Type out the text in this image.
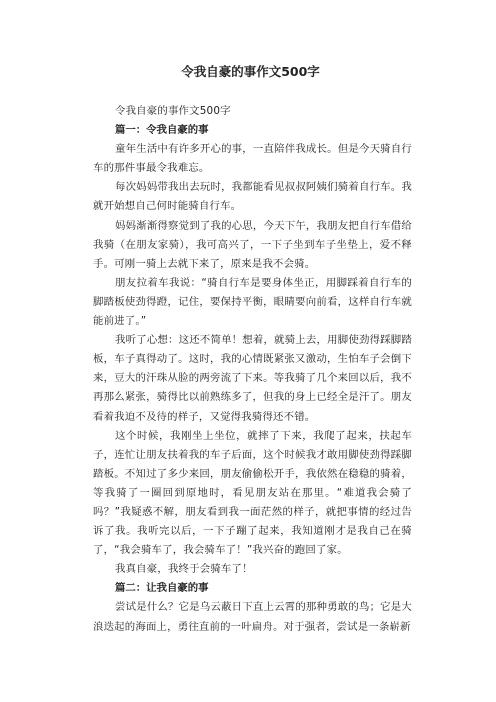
令我自豪的事作文500字

令我自豪的事作文500字

篇一：令我自豪的事

童年生活中有许多开心的事，一直陪伴我成长。但是今天骑自行车的那件事最令我难忘。

每次妈妈带我出去玩时，我都能看见叔叔阿姨们骑着自行车。我就开始想自己何时能骑自行车。

妈妈渐渐得察觉到了我的心思，今天下午，我朋友把自行车借给我骑（在朋友家骑），我可高兴了，一下子坐到车子坐垫上，爱不释手。可刚一骑上去就下来了，原来是我不会骑。

朋友拉着车我说：“骑自行车是要身体坐正，用脚踩着自行车的脚踏板使劲得蹬，记住，要保持平衡，眼睛要向前看，这样自行车就能前进了。”

我听了心想：这还不简单！想着，就骑上去，用脚使劲得踩脚踏板，车子真得动了。这时，我的心情既紧张又激动，生怕车子会倒下来，豆大的汗珠从脸的两旁流了下来。等我骑了几个来回以后，我不再那么紧张，骑得比以前熟练多了，但我的身上已经全是汗了。朋友看着我迫不及待的样子，又觉得我骑得还不错。

这个时候，我刚坐上坐位，就摔了下来，我爬了起来，扶起车子，连忙让朋友扶着我的车子后面，这个时候我才敢用脚使劲得踩脚踏板。不知过了多少来回，朋友偷偷松开手，我依然在稳稳的骑着，等我骑了一圈回到原地时，看见朋友站在那里。“难道我会骑了吗？”我疑惑不解，朋友看到我一面茫然的样子，就把事情的经过告诉了我。我听完以后，一下子蹦了起来，我知道刚才是我自己在骑了，“我会骑车了，我会骑车了！”我兴奋的跑回了家。

我真自豪，我终于会骑车了！

篇二：让我自豪的事

尝试是什么？它是乌云蔽日下直上云霄的那种勇敢的鸟；它是大浪迭起的海面上，勇往直前的一叶扁舟。对于强者，尝试是一条崭新
